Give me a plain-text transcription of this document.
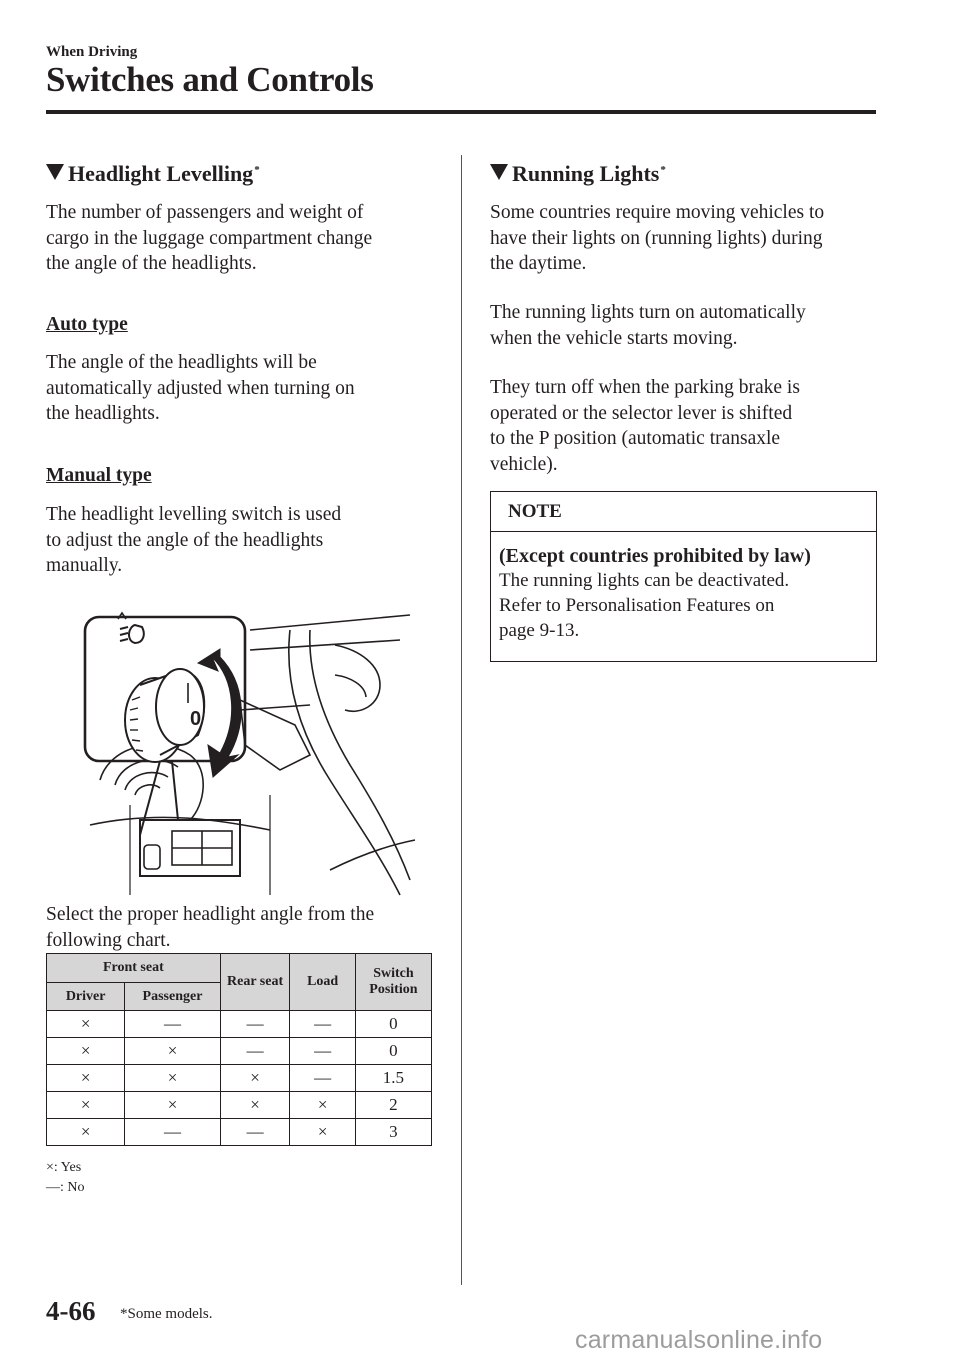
When Driving
Switches and Controls
Headlight Levelling*
The number of passengers and weight of
cargo in the luggage compartment change
the angle of the headlights.
Auto type
The angle of the headlights will be
automatically adjusted when turning on
the headlights.
Manual type
The headlight levelling switch is used
to adjust the angle of the headlights
manually.
0
Select the proper headlight angle from the
following chart.
Front seat		Rear seat	Load	Switch Position
Driver	Passenger			
×	—	—	—	0
×	×	—	—	0
×	×	×	—	1.5
×	×	×	×	2
×	—	—	×	3
×: Yes
—: No
Running Lights*
Some countries require moving vehicles to
have their lights on (running lights) during
the daytime.
The running lights turn on automatically
when the vehicle starts moving.
They turn off when the parking brake is
operated or the selector lever is shifted
to the P position (automatic transaxle
vehicle).
NOTE
(Except countries prohibited by law)
The running lights can be deactivated.
Refer to Personalisation Features on
page 9-13.
4-66 *Some models.
carmanualsonline.info
